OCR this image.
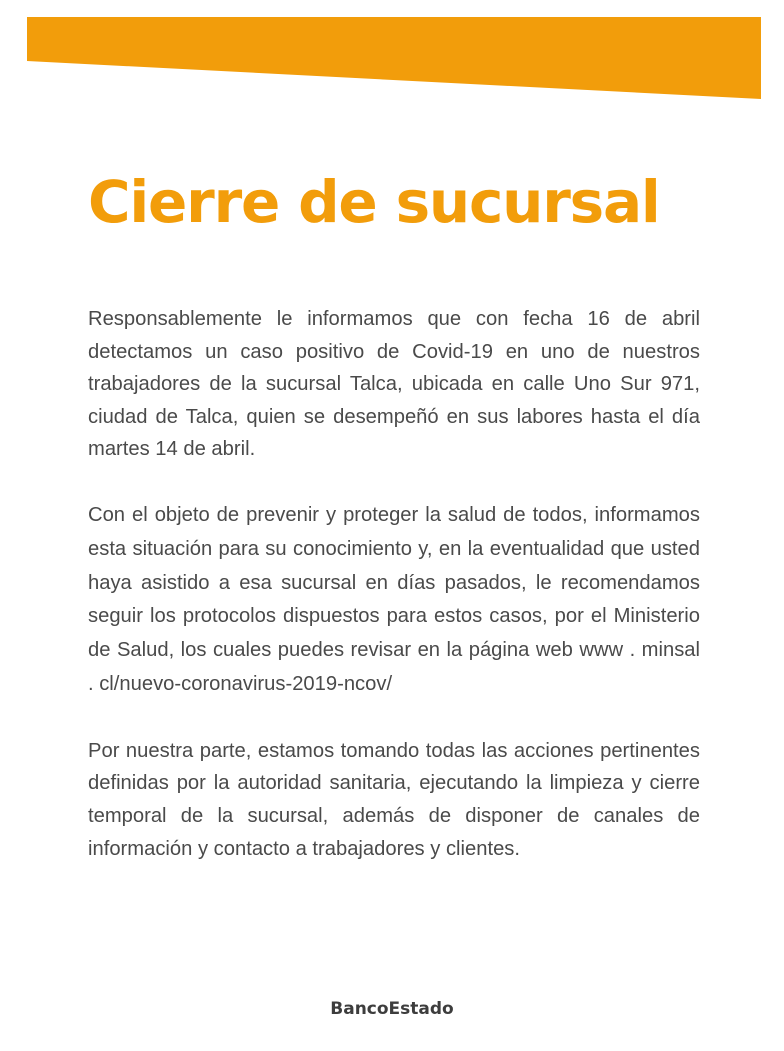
Cierre de sucursal

Responsablemente le informamos que con fecha 16 de abril detectamos un caso positivo de Covid-19 en uno de nuestros trabajadores de la sucursal Talca, ubicada en calle Uno Sur 971, ciudad de Talca, quien se desempeñó en sus labores hasta el día martes 14 de abril.

Con el objeto de prevenir y proteger la salud de todos, informamos esta situación para su conocimiento y, en la eventualidad que usted haya asistido a esa sucursal en días pasados, le recomendamos seguir los protocolos dispuestos para estos casos, por el Ministerio de Salud, los cuales puedes revisar en la página web www . minsal . cl/nuevo-coronavirus-2019-ncov/

Por nuestra parte, estamos tomando todas las acciones pertinentes definidas por la autoridad sanitaria, ejecutando la limpieza y cierre temporal de la sucursal, además de disponer de canales de información y contacto a trabajadores y clientes.

BancoEstado
